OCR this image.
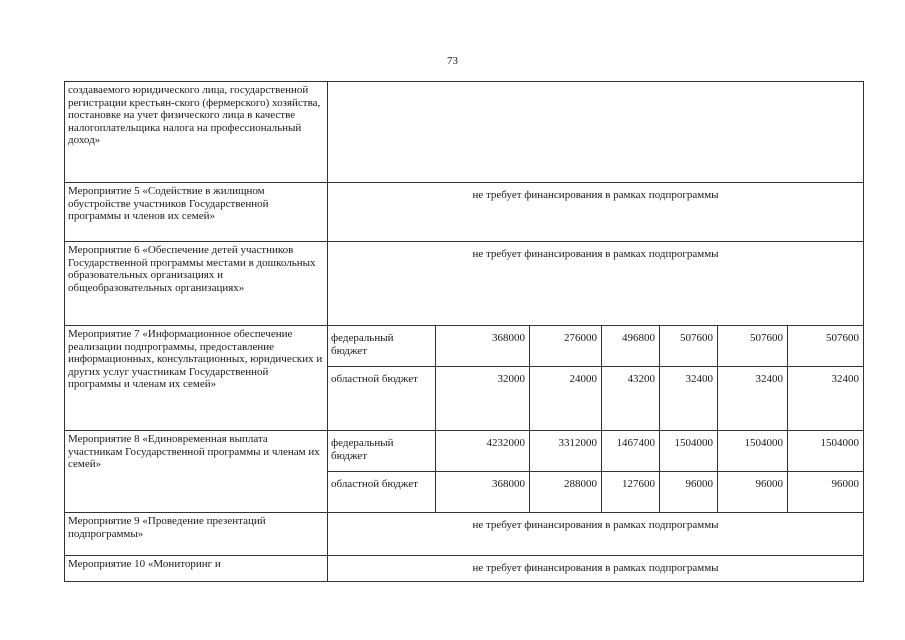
73
создаваемого юридического лица, государственной регистрации крестьян-ского (фермерского) хозяйства, постановке на учет физического лица в качестве налогоплательщика налога на профессиональный доход»							
Мероприятие 5 «Содействие в жилищном обустройстве участников Государственной программы и членов их семей»	не требует финансирования в рамках подпрограммы						
Мероприятие 6 «Обеспечение детей участников Государственной программы местами в дошкольных образовательных организациях и общеобразовательных организациях»	не требует финансирования в рамках подпрограммы						
Мероприятие 7 «Информационное обеспечение реализации подпрограммы, предоставление информационных, консультационных, юридических и других услуг участникам Государственной программы и членам их семей»	федеральный бюджет	368000	276000	496800	507600	507600	507600
	областной бюджет	32000	24000	43200	32400	32400	32400
Мероприятие 8 «Единовременная выплата участникам Государственной программы и членам их семей»	федеральный бюджет	4232000	3312000	1467400	1504000	1504000	1504000
	областной бюджет	368000	288000	127600	96000	96000	96000
Мероприятие 9 «Проведение презентаций подпрограммы»	не требует финансирования в рамках подпрограммы						
Мероприятие 10 «Мониторинг и	не требует финансирования в рамках подпрограммы						
